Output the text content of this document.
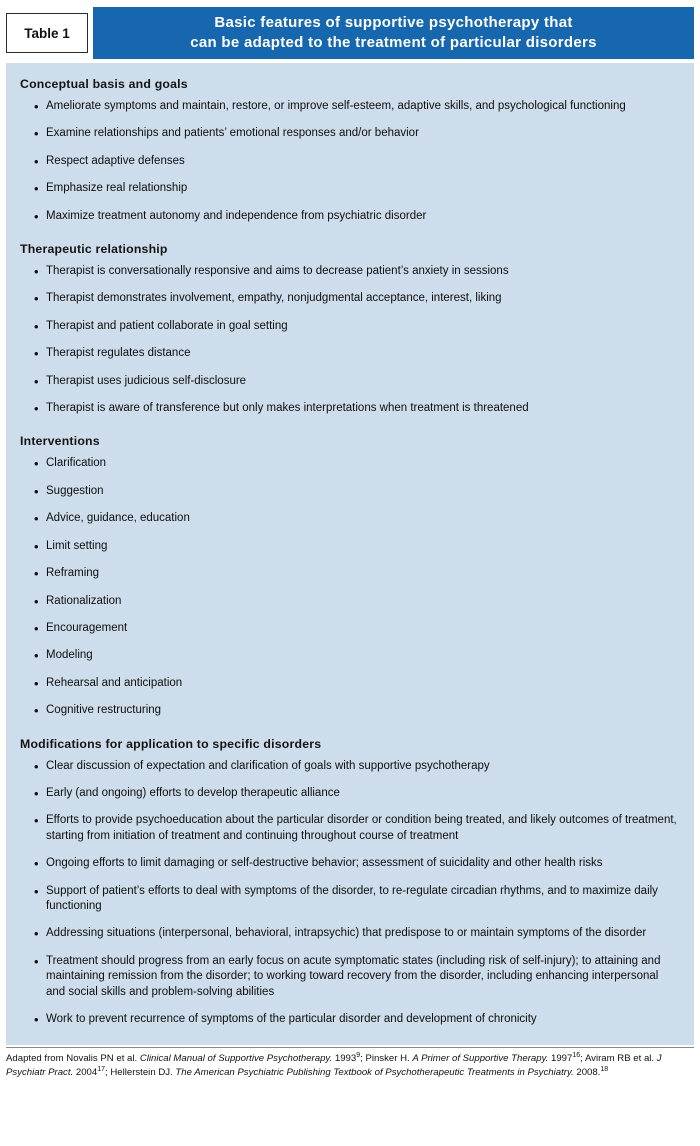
Table 1
Basic features of supportive psychotherapy that
can be adapted to the treatment of particular disorders
Conceptual basis and goals
• Ameliorate symptoms and maintain, restore, or improve self-esteem, adaptive skills, and psychological functioning
• Examine relationships and patients’ emotional responses and/or behavior
• Respect adaptive defenses
• Emphasize real relationship
• Maximize treatment autonomy and independence from psychiatric disorder
Therapeutic relationship
• Therapist is conversationally responsive and aims to decrease patient’s anxiety in sessions
• Therapist demonstrates involvement, empathy, nonjudgmental acceptance, interest, liking
• Therapist and patient collaborate in goal setting
• Therapist regulates distance
• Therapist uses judicious self-disclosure
• Therapist is aware of transference but only makes interpretations when treatment is threatened
Interventions
• Clarification
• Suggestion
• Advice, guidance, education
• Limit setting
• Reframing
• Rationalization
• Encouragement
• Modeling
• Rehearsal and anticipation
• Cognitive restructuring
Modifications for application to specific disorders
• Clear discussion of expectation and clarification of goals with supportive psychotherapy
• Early (and ongoing) efforts to develop therapeutic alliance
• Efforts to provide psychoeducation about the particular disorder or condition being treated, and likely outcomes of treatment, starting from initiation of treatment and continuing throughout course of treatment
• Ongoing efforts to limit damaging or self-destructive behavior; assessment of suicidality and other health risks
• Support of patient’s efforts to deal with symptoms of the disorder, to re-regulate circadian rhythms, and to maximize daily functioning
• Addressing situations (interpersonal, behavioral, intrapsychic) that predispose to or maintain symptoms of the disorder
• Treatment should progress from an early focus on acute symptomatic states (including risk of self-injury); to attaining and maintaining remission from the disorder; to working toward recovery from the disorder, including enhancing interpersonal and social skills and problem-solving abilities
• Work to prevent recurrence of symptoms of the particular disorder and development of chronicity
Adapted from Novalis PN et al. Clinical Manual of Supportive Psychotherapy. 1993$^9$; Pinsker H. A Primer of Supportive Therapy. 1997$^{16}$; Aviram RB et al. J Psychiatr Pract. 2004$^{17}$; Hellerstein DJ. The American Psychiatric Publishing Textbook of Psychotherapeutic Treatments in Psychiatry. 2008.18
